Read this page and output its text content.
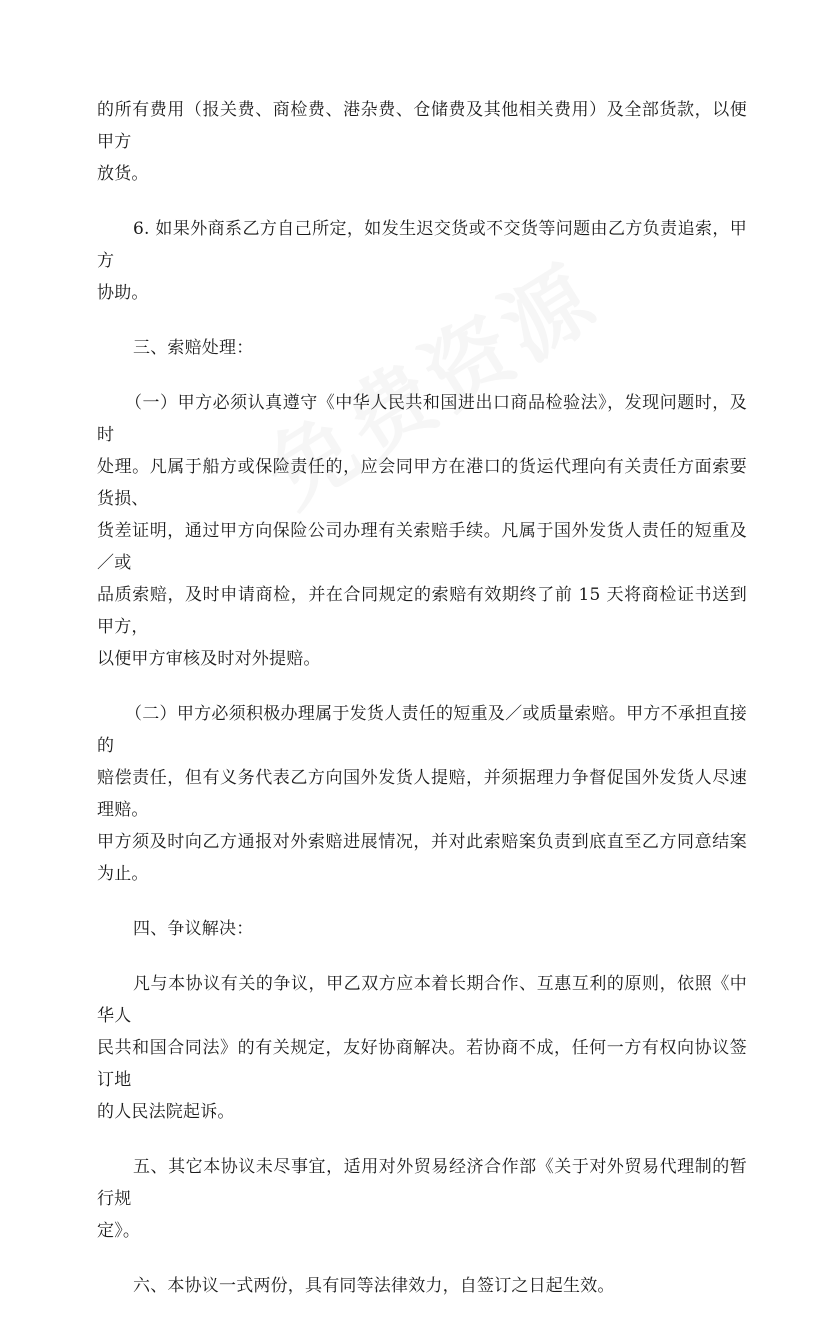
的所有费用（报关费、商检费、港杂费、仓储费及其他相关费用）及全部货款，以便甲方
放货。

6. 如果外商系乙方自己所定，如发生迟交货或不交货等问题由乙方负责追索，甲方
协助。

三、索赔处理：

（一）甲方必须认真遵守《中华人民共和国进出口商品检验法》，发现问题时，及时
处理。凡属于船方或保险责任的，应会同甲方在港口的货运代理向有关责任方面索要货损、
货差证明，通过甲方向保险公司办理有关索赔手续。凡属于国外发货人责任的短重及／或
品质索赔，及时申请商检，并在合同规定的索赔有效期终了前 15 天将商检证书送到甲方，
以便甲方审核及时对外提赔。

（二）甲方必须积极办理属于发货人责任的短重及／或质量索赔。甲方不承担直接的
赔偿责任，但有义务代表乙方向国外发货人提赔，并须据理力争督促国外发货人尽速理赔。
甲方须及时向乙方通报对外索赔进展情况，并对此索赔案负责到底直至乙方同意结案为止。

四、争议解决：

凡与本协议有关的争议，甲乙双方应本着长期合作、互惠互利的原则，依照《中华人
民共和国合同法》的有关规定，友好协商解决。若协商不成，任何一方有权向协议签订地
的人民法院起诉。

五、其它本协议未尽事宜，适用对外贸易经济合作部《关于对外贸易代理制的暂行规
定》。

六、本协议一式两份，具有同等法律效力，自签订之日起生效。
